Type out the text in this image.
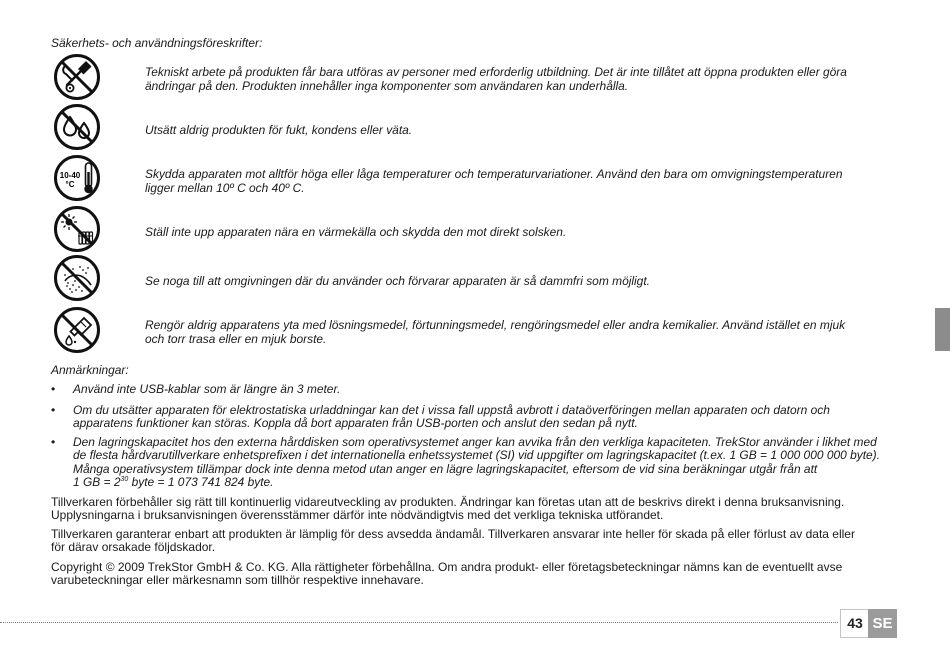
Säkerhets- och användningsföreskrifter:
10-40
°C
Tekniskt arbete på produkten får bara utföras av personer med erforderlig utbildning. Det är inte tillåtet att öppna produkten eller göra
ändringar på den. Produkten innehåller inga komponenter som användaren kan underhålla.
Utsätt aldrig produkten för fukt, kondens eller väta.
Skydda apparaten mot alltför höga eller låga temperaturer och temperaturvariationer. Använd den bara om omvigningstemperaturen
ligger mellan 10º C och 40º C.
Ställ inte upp apparaten nära en värmekälla och skydda den mot direkt solsken.
Se noga till att omgivningen där du använder och förvarar apparaten är så dammfri som möjligt.
Rengör aldrig apparatens yta med lösningsmedel, förtunningsmedel, rengöringsmedel eller andra kemikalier. Använd istället en mjuk
och torr trasa eller en mjuk borste.
Anmärkningar:
•	Använd inte USB-kablar som är längre än 3 meter.
•	Om du utsätter apparaten för elektrostatiska urladdningar kan det i vissa fall uppstå avbrott i dataöverföringen mellan apparaten och datorn och
apparatens funktioner kan störas. Koppla då bort apparaten från USB-porten och anslut den sedan på nytt.
•	Den lagringskapacitet hos den externa hårddisken som operativsystemet anger kan avvika från den verkliga kapaciteten. TrekStor använder i likhet med
de flesta hårdvarutillverkare enhetsprefixen i det internationella enhetssystemet (SI) vid uppgifter om lagringskapacitet (t.ex. 1 GB = 1 000 000 000 byte).
Många operativsystem tillämpar dock inte denna metod utan anger en lägre lagringskapacitet, eftersom de vid sina beräkningar utgår från att
1 GB = $2^{30}$ byte = 1 073 741 824 byte.
Tillverkaren förbehåller sig rätt till kontinuerlig vidareutveckling av produkten. Ändringar kan företas utan att de beskrivs direkt i denna bruksanvisning.
Upplysningarna i bruksanvisningen överensstämmer därför inte nödvändigtvis med det verkliga tekniska utförandet.
Tillverkaren garanterar enbart att produkten är lämplig för dess avsedda ändamål. Tillverkaren ansvarar inte heller för skada på eller förlust av data eller
för därav orsakade följdskador.
Copyright © 2009 TrekStor GmbH & Co. KG. Alla rättigheter förbehållna. Om andra produkt- eller företagsbeteckningar nämns kan de eventuellt avse
varubeteckningar eller märkesnamn som tillhör respektive innehavare.
43 SE
